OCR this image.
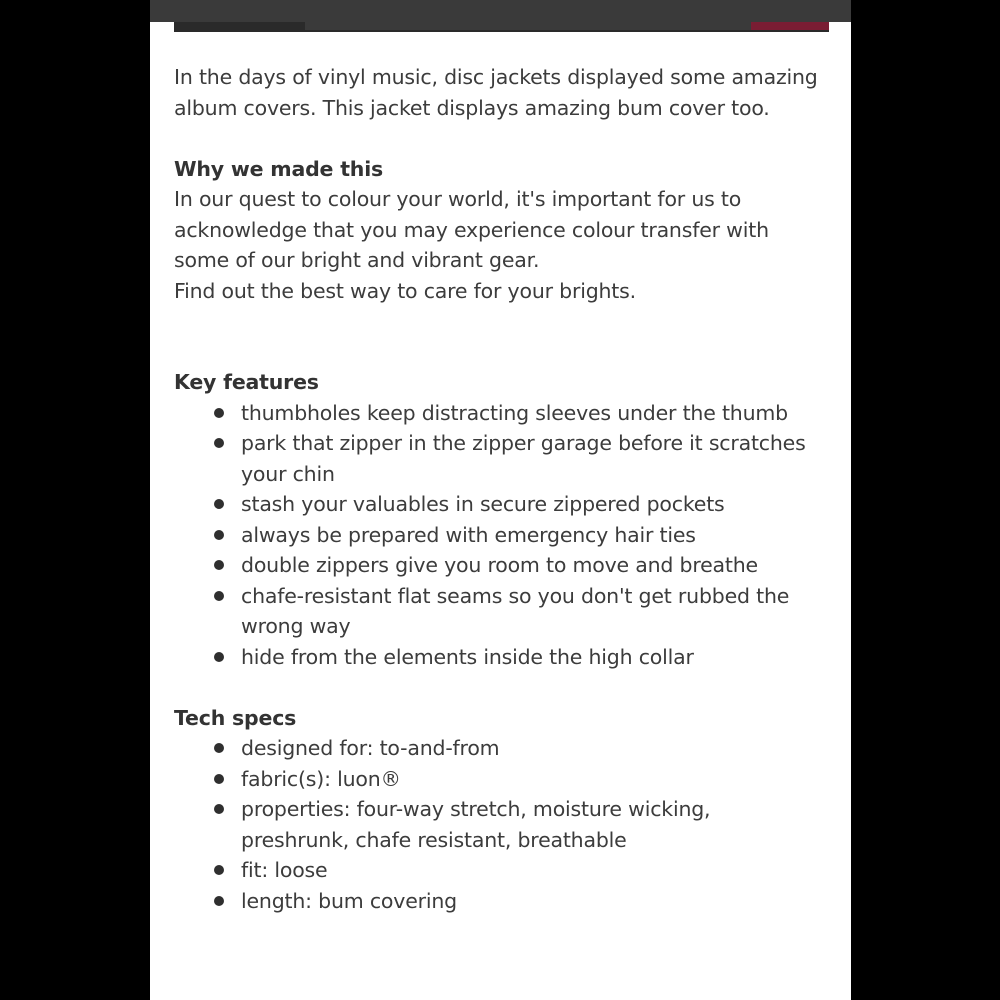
In the days of vinyl music, disc jackets displayed some amazing album covers. This jacket displays amazing bum cover too.

Why we made this

In our quest to colour your world, it's important for us to acknowledge that you may experience colour transfer with some of our bright and vibrant gear.

Find out the best way to care for your brights.

Key features

thumbholes keep distracting sleeves under the thumb
park that zipper in the zipper garage before it scratches your chin
stash your valuables in secure zippered pockets
always be prepared with emergency hair ties
double zippers give you room to move and breathe
chafe-resistant flat seams so you don't get rubbed the wrong way
hide from the elements inside the high collar

Tech specs

designed for: to-and-from
fabric(s): luon®
properties: four-way stretch, moisture wicking, preshrunk, chafe resistant, breathable
fit: loose
length: bum covering
